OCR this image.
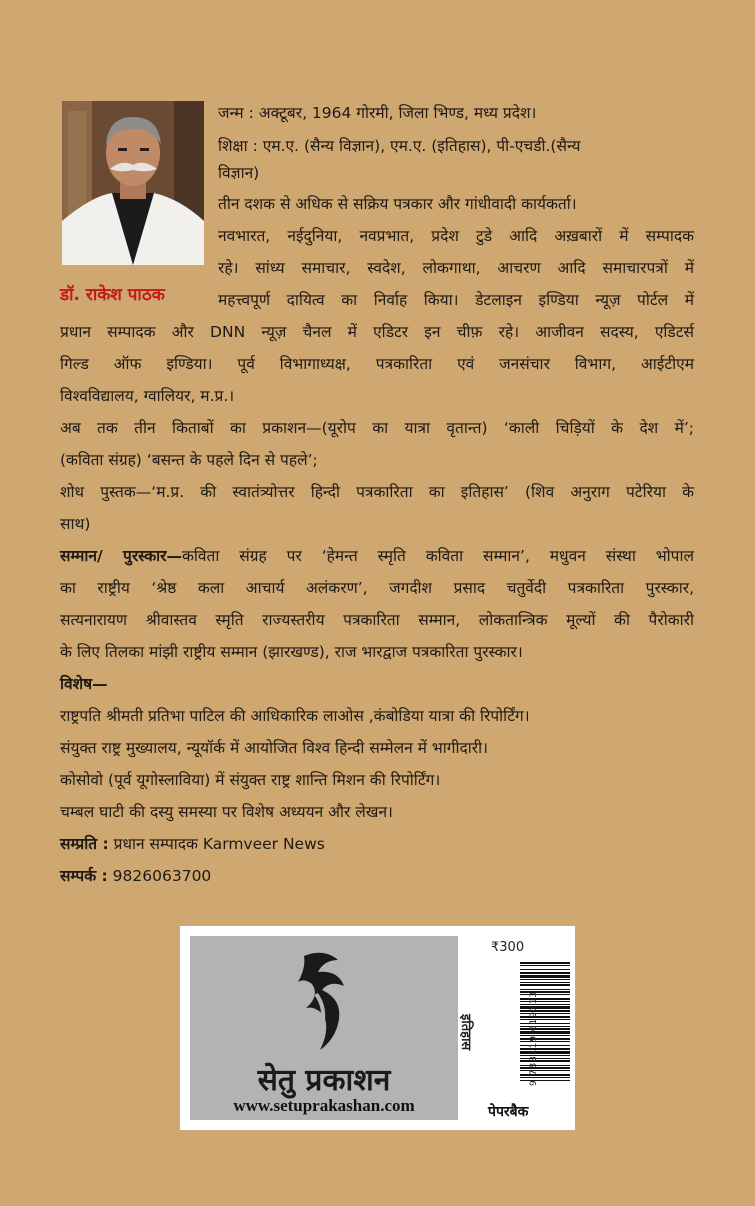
डॉ. राकेश पाठक
जन्म : अक्टूबर, 1964 गोरमी, जिला भिण्ड, मध्य प्रदेश।
शिक्षा : एम.ए. (सैन्य विज्ञान), एम.ए. (इतिहास), पी-एचडी.(सैन्य
विज्ञान)
तीन दशक से अधिक से सक्रिय पत्रकार और गांधीवादी कार्यकर्ता।
नवभारत, नईदुनिया, नवप्रभात, प्रदेश टुडे आदि अख़बारों में सम्पादक
रहे। सांध्य समाचार, स्वदेश, लोकगाथा, आचरण आदि समाचारपत्रों में
महत्त्वपूर्ण दायित्व का निर्वाह किया। डेटलाइन इण्डिया न्यूज़ पोर्टल में
प्रधान सम्पादक और DNN न्यूज़ चैनल में एडिटर इन चीफ़ रहे। आजीवन सदस्य, एडिटर्स
गिल्ड ऑफ इण्डिया। पूर्व विभागाध्यक्ष, पत्रकारिता एवं जनसंचार विभाग, आईटीएम
विश्वविद्यालय, ग्वालियर, म.प्र.।
अब तक तीन किताबों का प्रकाशन—(यूरोप का यात्रा वृतान्त) ‘काली चिड़ियों के देश में’;
(कविता संग्रह) ‘बसन्त के पहले दिन से पहले’;
शोध पुस्तक—‘म.प्र. की स्वातंत्र्योत्तर हिन्दी पत्रकारिता का इतिहास’ (शिव अनुराग पटेरिया के
साथ)
सम्मान/ पुरस्कार—कविता संग्रह पर ‘हेमन्त स्मृति कविता सम्मान’, मधुवन संस्था भोपाल
का राष्ट्रीय ‘श्रेष्ठ कला आचार्य अलंकरण’, जगदीश प्रसाद चतुर्वेदी पत्रकारिता पुरस्कार,
सत्यनारायण श्रीवास्तव स्मृति राज्यस्तरीय पत्रकारिता सम्मान, लोकतान्त्रिक मूल्यों की पैरोकारी
के लिए तिलका मांझी राष्ट्रीय सम्मान (झारखण्ड), राज भारद्वाज पत्रकारिता पुरस्कार।
विशेष—
राष्ट्रपति श्रीमती प्रतिभा पाटिल की आधिकारिक लाओस ,कंबोडिया यात्रा की रिपोर्टिंग।
संयुक्त राष्ट्र मुख्यालय, न्यूयॉर्क में आयोजित विश्व हिन्दी सम्मेलन में भागीदारी।
कोसोवो (पूर्व यूगोस्लाविया) में संयुक्त राष्ट्र शान्ति मिशन की रिपोर्टिंग।
चम्बल घाटी की दस्यु समस्या पर विशेष अध्ययन और लेखन।
सम्प्रति : प्रधान सम्पादक Karmveer News
सम्पर्क : 9826063700
सेतु प्रकाशन
www.setuprakashan.com
₹300
इतिहास	9 788119 619313
पेपरबैक
